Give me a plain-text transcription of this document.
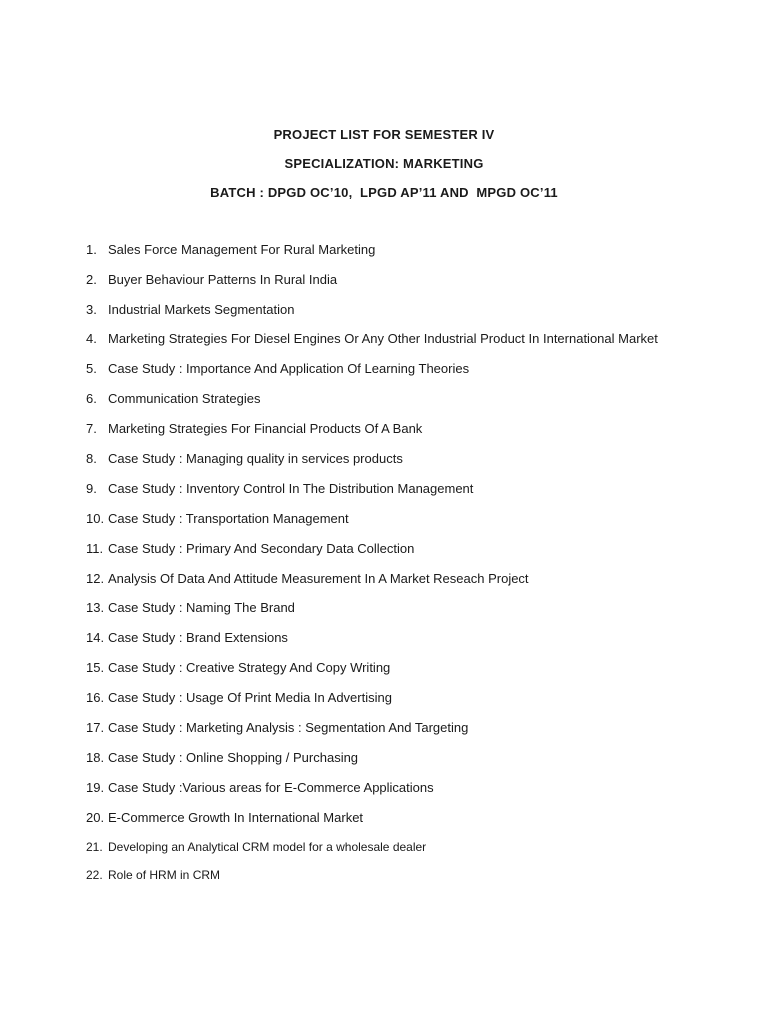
PROJECT LIST FOR SEMESTER IV
SPECIALIZATION: MARKETING
BATCH : DPGD OC’10,  LPGD AP’11 AND  MPGD OC’11
1. Sales Force Management For Rural Marketing
2. Buyer Behaviour Patterns In Rural India
3. Industrial Markets Segmentation
4. Marketing Strategies For Diesel Engines Or Any Other Industrial Product In International Market
5. Case Study : Importance And Application Of Learning Theories
6. Communication Strategies
7. Marketing Strategies For Financial Products Of A Bank
8. Case Study : Managing quality in services products
9. Case Study : Inventory Control In The Distribution Management
10. Case Study : Transportation Management
11. Case Study : Primary And Secondary Data Collection
12. Analysis Of Data And Attitude Measurement In A Market Reseach Project
13. Case Study : Naming The Brand
14. Case Study : Brand Extensions
15. Case Study : Creative Strategy And Copy Writing
16. Case Study : Usage Of Print Media In Advertising
17. Case Study : Marketing Analysis : Segmentation And Targeting
18. Case Study : Online Shopping / Purchasing
19. Case Study :Various areas for E-Commerce Applications
20. E-Commerce Growth In International Market
21. Developing an Analytical CRM model for a wholesale dealer
22. Role of HRM in CRM
